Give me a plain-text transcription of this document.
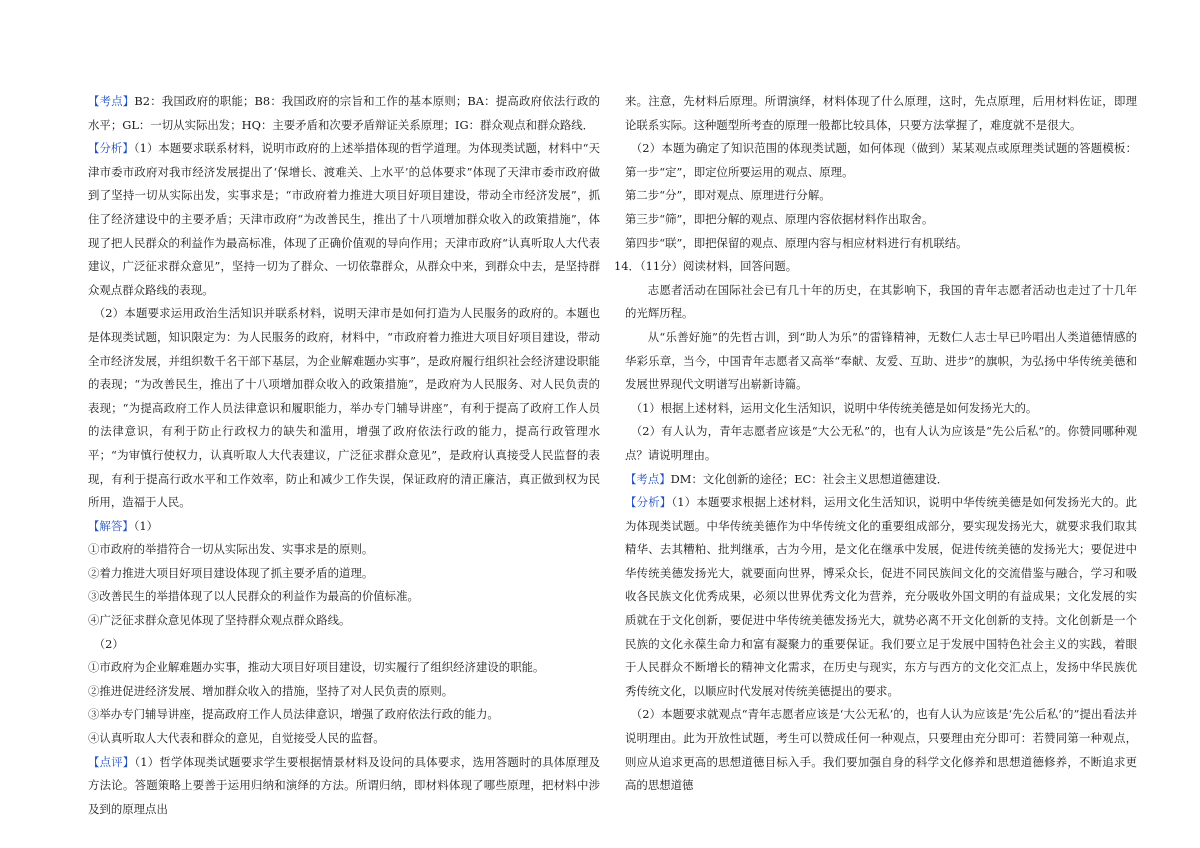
【考点】B2：我国政府的职能；B8：我国政府的宗旨和工作的基本原则；BA：提高政府依法行政的水平；GL：一切从实际出发；HQ：主要矛盾和次要矛盾辩证关系原理；IG：群众观点和群众路线．

【分析】（1）本题要求联系材料，说明市政府的上述举措体现的哲学道理。为体现类试题，材料中“天津市委市政府对我市经济发展提出了‘保增长、渡难关、上水平’的总体要求”体现了天津市委市政府做到了坚持一切从实际出发，实事求是；“市政府着力推进大项目好项目建设，带动全市经济发展”，抓住了经济建设中的主要矛盾；天津市政府“为改善民生，推出了十八项增加群众收入的政策措施”，体现了把人民群众的利益作为最高标准，体现了正确价值观的导向作用；天津市政府“认真听取人大代表建议，广泛征求群众意见”，坚持一切为了群众、一切依靠群众，从群众中来，到群众中去，是坚持群众观点群众路线的表现。

（2）本题要求运用政治生活知识并联系材料，说明天津市是如何打造为人民服务的政府的。本题也是体现类试题，知识限定为：为人民服务的政府，材料中，“市政府着力推进大项目好项目建设，带动全市经济发展，并组织数千名干部下基层，为企业解难题办实事”，是政府履行组织社会经济建设职能的表现；“为改善民生，推出了十八项增加群众收入的政策措施”，是政府为人民服务、对人民负责的表现；“为提高政府工作人员法律意识和履职能力，举办专门辅导讲座”，有利于提高了政府工作人员的法律意识，有利于防止行政权力的缺失和滥用，增强了政府依法行政的能力，提高行政管理水平；“为审慎行使权力，认真听取人大代表建议，广泛征求群众意见”，是政府认真接受人民监督的表现，有利于提高行政水平和工作效率，防止和减少工作失误，保证政府的清正廉洁，真正做到权为民所用，造福于人民。

【解答】（1）

①市政府的举措符合一切从实际出发、实事求是的原则。

②着力推进大项目好项目建设体现了抓主要矛盾的道理。

③改善民生的举措体现了以人民群众的利益作为最高的价值标准。

④广泛征求群众意见体现了坚持群众观点群众路线。

（2）

①市政府为企业解难题办实事，推动大项目好项目建设，切实履行了组织经济建设的职能。

②推进促进经济发展、增加群众收入的措施，坚持了对人民负责的原则。

③举办专门辅导讲座，提高政府工作人员法律意识，增强了政府依法行政的能力。

④认真听取人大代表和群众的意见，自觉接受人民的监督。

【点评】（1）哲学体现类试题要求学生要根据情景材料及设问的具体要求，选用答题时的具体原理及方法论。答题策略上要善于运用归纳和演绎的方法。所谓归纳，即材料体现了哪些原理，把材料中涉及到的原理点出

来。注意，先材料后原理。所谓演绎，材料体现了什么原理，这时，先点原理，后用材料佐证，即理论联系实际。这种题型所考查的原理一般都比较具体，只要方法掌握了，难度就不是很大。

（2）本题为确定了知识范围的体现类试题，如何体现（做到）某某观点或原理类试题的答题模板：第一步“定”，即定位所要运用的观点、原理。

第二步“分”，即对观点、原理进行分解。

第三步“筛”，即把分解的观点、原理内容依据材料作出取舍。

第四步“联”，即把保留的观点、原理内容与相应材料进行有机联结。

14．（11分）阅读材料，回答问题。

志愿者活动在国际社会已有几十年的历史，在其影响下，我国的青年志愿者活动也走过了十几年的光辉历程。

从“乐善好施”的先哲古训，到“助人为乐”的雷锋精神，无数仁人志士早已吟唱出人类道德情感的华彩乐章，当今，中国青年志愿者又高举“奉献、友爱、互助、进步”的旗帜，为弘扬中华传统美德和发展世界现代文明谱写出崭新诗篇。

（1）根据上述材料，运用文化生活知识，说明中华传统美德是如何发扬光大的。

（2）有人认为，青年志愿者应该是“大公无私”的，也有人认为应该是“先公后私”的。你赞同哪种观点？请说明理由。

【考点】DM：文化创新的途径；EC：社会主义思想道德建设．

【分析】（1）本题要求根据上述材料，运用文化生活知识，说明中华传统美德是如何发扬光大的。此为体现类试题。中华传统美德作为中华传统文化的重要组成部分，要实现发扬光大，就要求我们取其精华、去其糟粕、批判继承，古为今用，是文化在继承中发展，促进传统美德的发扬光大；要促进中华传统美德发扬光大，就要面向世界，博采众长，促进不同民族间文化的交流借鉴与融合，学习和吸收各民族文化优秀成果，必须以世界优秀文化为营养，充分吸收外国文明的有益成果；文化发展的实质就在于文化创新，要促进中华传统美德发扬光大，就势必离不开文化创新的支持。文化创新是一个民族的文化永葆生命力和富有凝聚力的重要保证。我们要立足于发展中国特色社会主义的实践，着眼于人民群众不断增长的精神文化需求，在历史与现实，东方与西方的文化交汇点上，发扬中华民族优秀传统文化，以顺应时代发展对传统美德提出的要求。

（2）本题要求就观点“青年志愿者应该是‘大公无私’的，也有人认为应该是‘先公后私’的”提出看法并说明理由。此为开放性试题，考生可以赞成任何一种观点，只要理由充分即可：若赞同第一种观点，则应从追求更高的思想道德目标入手。我们要加强自身的科学文化修养和思想道德修养，不断追求更高的思想道德
